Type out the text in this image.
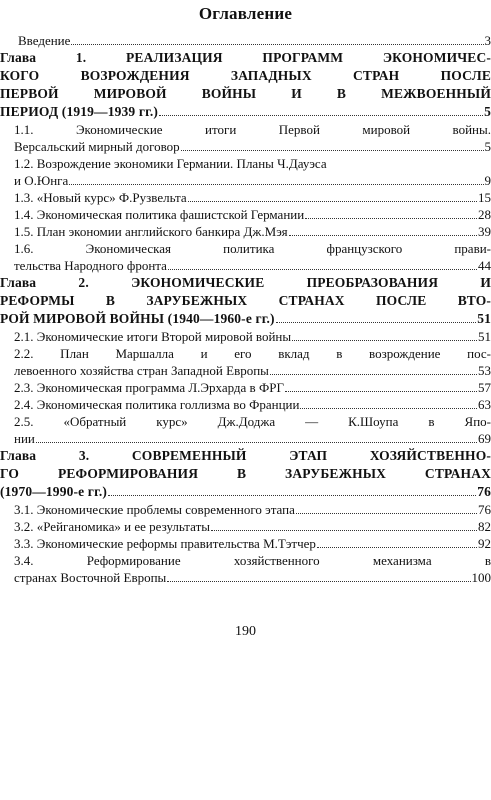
Оглавление
Введение	3
Глава 1. РЕАЛИЗАЦИЯ ПРОГРАММ ЭКОНОМИЧЕС-
КОГО ВОЗРОЖДЕНИЯ ЗАПАДНЫХ СТРАН ПОСЛЕ
ПЕРВОЙ МИРОВОЙ ВОЙНЫ И В МЕЖВОЕННЫЙ
ПЕРИОД (1919—1939 гг.)	5
1.1. Экономические итоги Первой мировой войны.
Версальский мирный договор	5
1.2. Возрождение экономики Германии. Планы Ч.Дауэса
и О.Юнга	9
1.3. «Новый курс» Ф.Рузвельта	15
1.4. Экономическая политика фашистской Германии	28
1.5. План экономии английского банкира Дж.Мэя	39
1.6. Экономическая политика французского прави-
тельства Народного фронта	44
Глава 2. ЭКОНОМИЧЕСКИЕ ПРЕОБРАЗОВАНИЯ И
РЕФОРМЫ В ЗАРУБЕЖНЫХ СТРАНАХ ПОСЛЕ ВТО-
РОЙ МИРОВОЙ ВОЙНЫ (1940—1960-е гг.)	51
2.1. Экономические итоги Второй мировой войны	51
2.2. План Маршалла и его вклад в возрождение пос-
левоенного хозяйства стран Западной Европы	53
2.3. Экономическая программа Л.Эрхарда в ФРГ	57
2.4. Экономическая политика голлизма во Франции	63
2.5. «Обратный курс» Дж.Доджа — К.Шоупа в Япо-
нии	69
Глава 3. СОВРЕМЕННЫЙ ЭТАП ХОЗЯЙСТВЕННО-
ГО РЕФОРМИРОВАНИЯ В ЗАРУБЕЖНЫХ СТРАНАХ
(1970—1990-е гг.)	76
3.1. Экономические проблемы современного этапа	76
3.2. «Рейганомика» и ее результаты	82
3.3. Экономические реформы правительства М.Тэтчер	92
3.4. Реформирование хозяйственного механизма в
странах Восточной Европы	100
190
